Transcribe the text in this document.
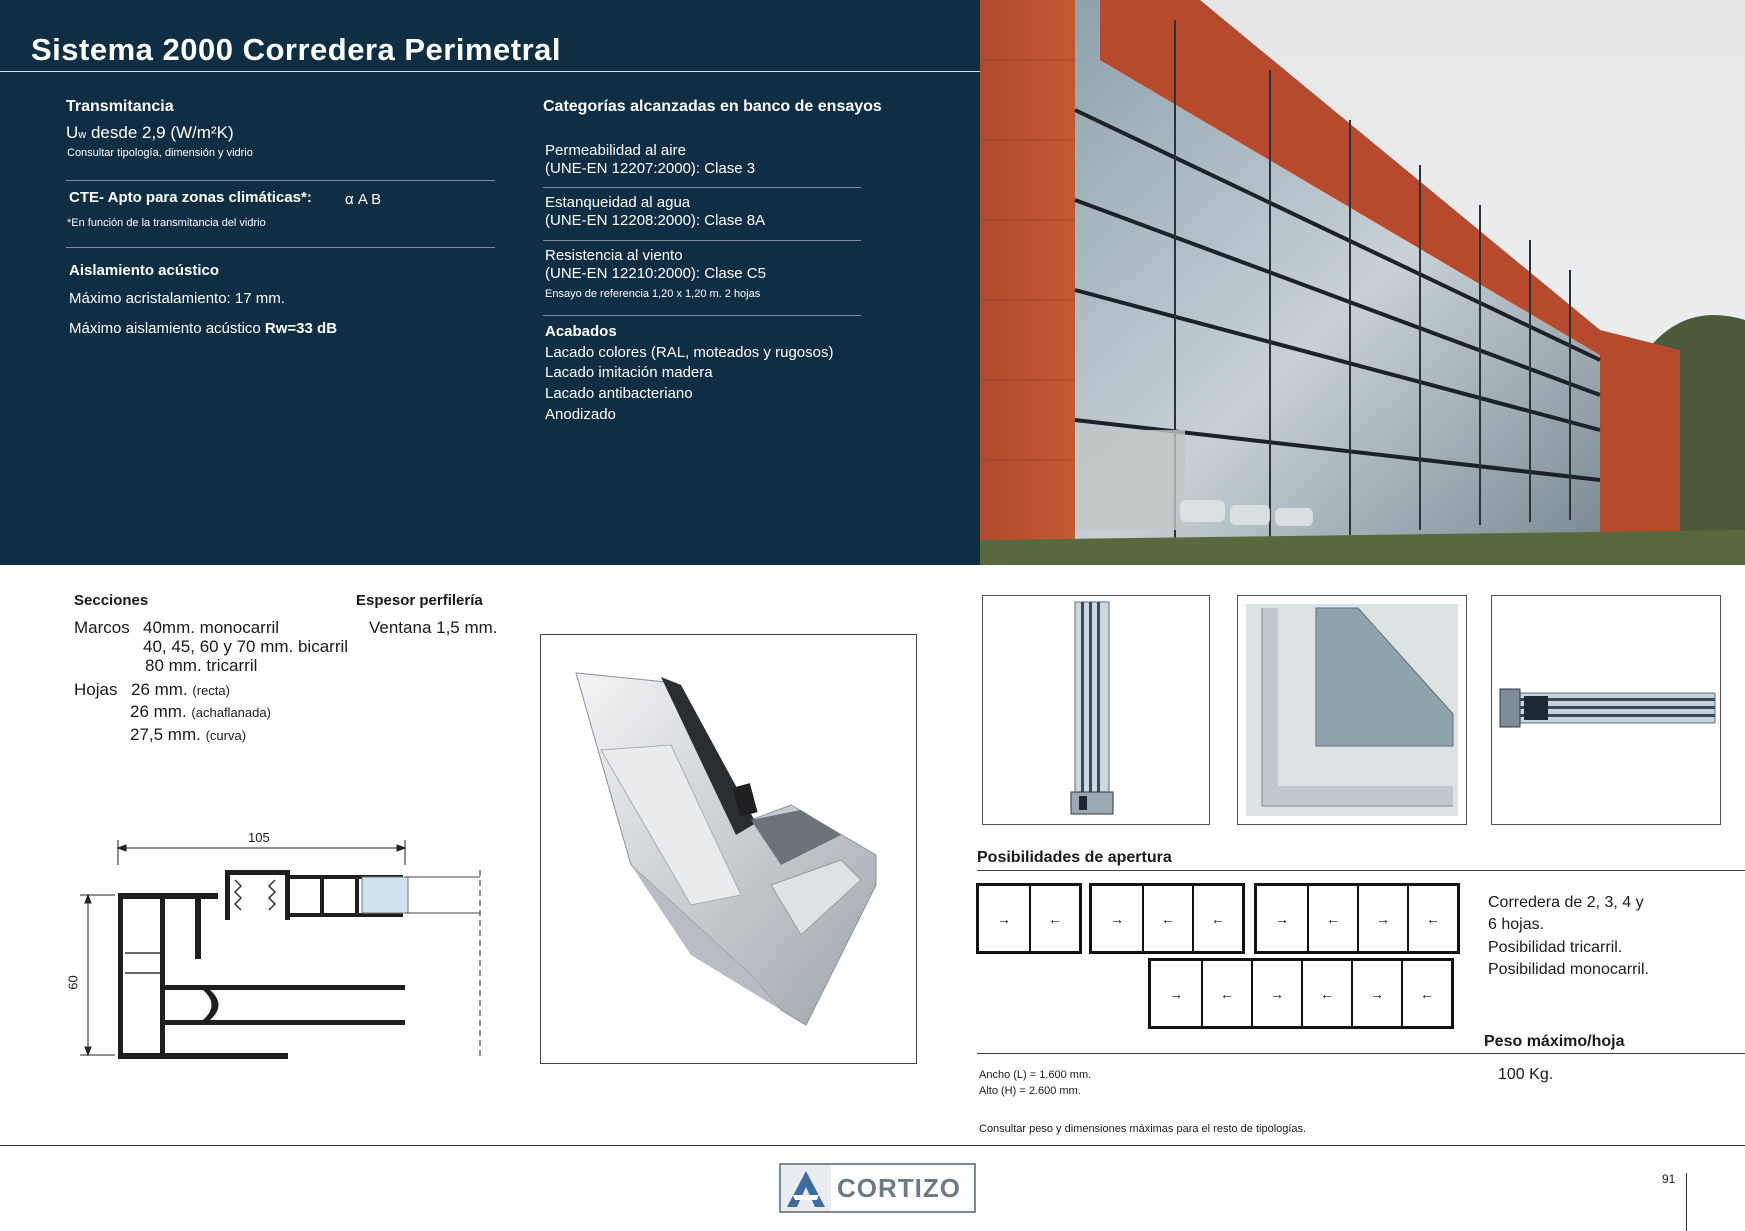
Sistema 2000 Corredera Perimetral
Transmitancia
Uw desde 2,9 (W/m²K)
Consultar tipología, dimensión y vidrio
CTE- Apto para zonas climáticas*: α A B
*En función de la transmitancia del vidrio
Aislamiento acústico
Máximo acristalamiento: 17 mm.
Máximo aislamiento acústico Rw=33 dB
Categorías alcanzadas en banco de ensayos
Permeabilidad al aire
(UNE-EN 12207:2000): Clase 3
Estanqueidad al agua
(UNE-EN 12208:2000): Clase 8A
Resistencia al viento
(UNE-EN 12210:2000): Clase C5
Ensayo de referencia 1,20 x 1,20 m. 2 hojas
Acabados
Lacado colores (RAL, moteados y rugosos)
Lacado imitación madera
Lacado antibacteriano
Anodizado
Secciones	Espesor perfilería
Marcos 40mm. monocarril
40, 45, 60 y 70 mm. bicarril
80 mm. tricarril
Ventana 1,5 mm.
Hojas 26 mm. (recta)
26 mm. (achaflanada)
27,5 mm. (curva)
105
60
Posibilidades de apertura
→	←	→	←	←	→	←	→	←
→	←	→	←	→	←
Corredera de 2, 3, 4 y
6 hojas.
Posibilidad tricarril.
Posibilidad monocarril.
Peso máximo/hoja
Ancho (L) = 1.600 mm.
Alto (H) = 2.600 mm.
100 Kg.
Consultar peso y dimensiones máximas para el resto de tipologías.
CORTIZO	91
